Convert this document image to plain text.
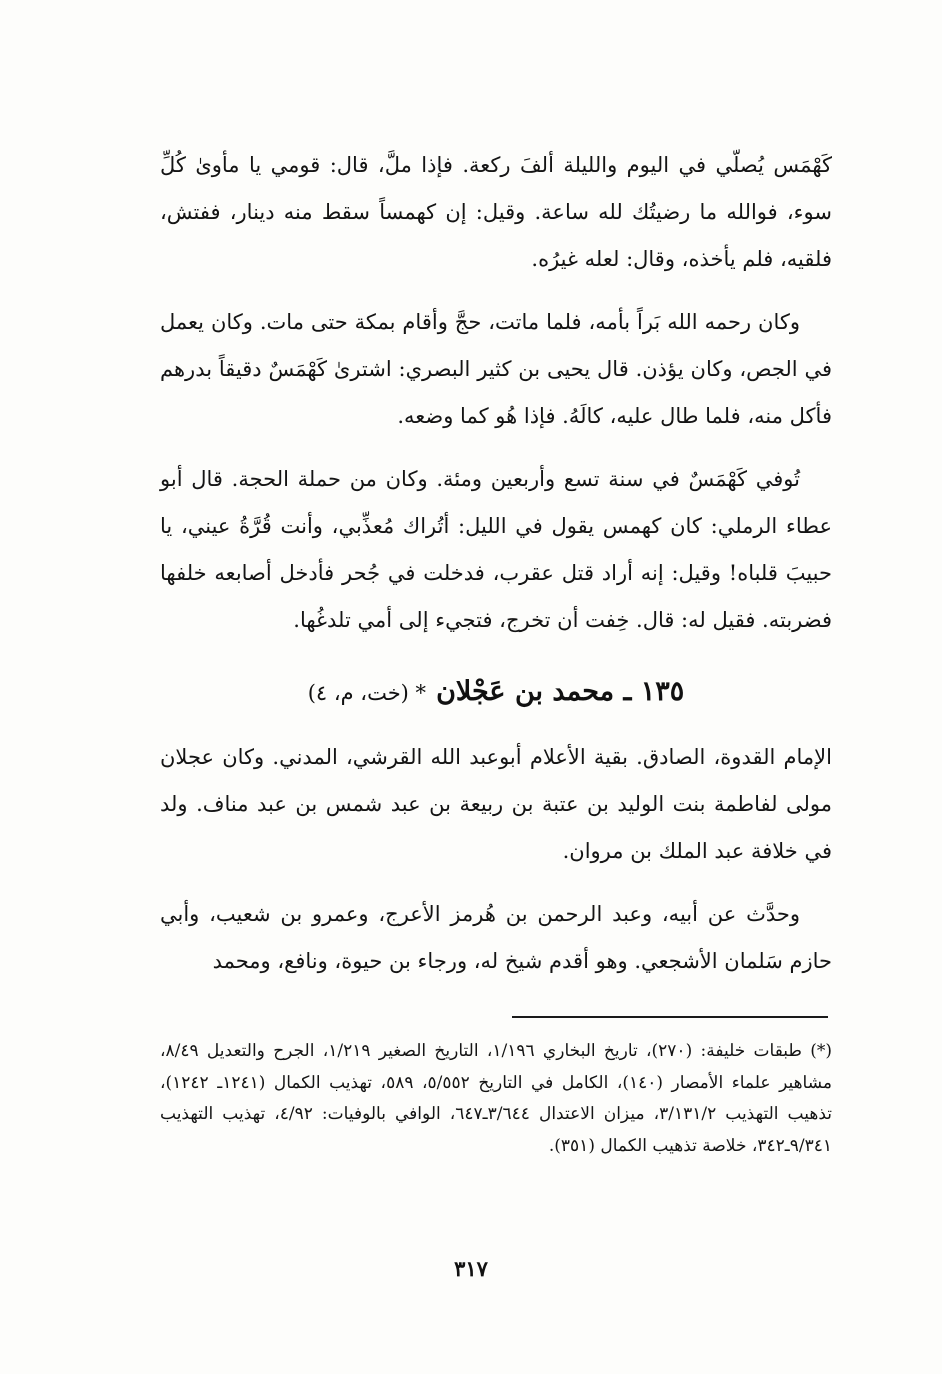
كَهْمَس يُصلّي في اليوم والليلة ألفَ ركعة. فإذا ملَّ، قال: قومي يا مأوىٰ كُلِّ سوء، فوالله ما رضيتُك لله ساعة. وقيل: إن كهمساً سقط منه دينار، ففتش، فلقيه، فلم يأخذه، وقال: لعله غيرُه.

وكان رحمه الله بَراً بأمه، فلما ماتت، حجَّ وأقام بمكة حتى مات. وكان يعمل في الجص، وكان يؤذن. قال يحيى بن كثير البصري: اشترىٰ كَهْمَسٌ دقيقاً بدرهم فأكل منه، فلما طال عليه، كالَهُ. فإذا هُو كما وضعه.

تُوفي كَهْمَسٌ في سنة تسع وأربعين ومئة. وكان من حملة الحجة. قال أبو عطاء الرملي: كان كهمس يقول في الليل: أتُراك مُعذِّبي، وأنت قُرَّةُ عيني، يا حبيبَ قلباه! وقيل: إنه أراد قتل عقرب، فدخلت في جُحر فأدخل أصابعه خلفها فضربته. فقيل له: قال. خِفت أن تخرج، فتجيء إلى أمي تلدغُها.

١٣٥ ـ محمد بن عَجْلان* (خت، م، ٤)

الإمام القدوة، الصادق. بقية الأعلام أبوعبد الله القرشي، المدني. وكان عجلان مولى لفاطمة بنت الوليد بن عتبة بن ربيعة بن عبد شمس بن عبد مناف. ولد في خلافة عبد الملك بن مروان.

وحدَّث عن أبيه، وعبد الرحمن بن هُرمز الأعرج، وعمرو بن شعيب، وأبي حازم سَلمان الأشجعي. وهو أقدم شيخ له، ورجاء بن حيوة، ونافع، ومحمد

(*) طبقات خليفة: (٢٧٠)، تاريخ البخاري ١/١٩٦، التاريخ الصغير ١/٢١٩، الجرح والتعديل ٨/٤٩، مشاهير علماء الأمصار (١٤٠)، الكامل في التاريخ ٥/٥٥٢، ٥٨٩، تهذيب الكمال (١٢٤١ـ ١٢٤٢)، تذهيب التهذيب ٣/١٣١/٢، ميزان الاعتدال ٣/٦٤٤ـ٦٤٧، الوافي بالوفيات: ٤/٩٢، تهذيب التهذيب ٩/٣٤١ـ٣٤٢، خلاصة تذهيب الكمال (٣٥١).
٣١٧
